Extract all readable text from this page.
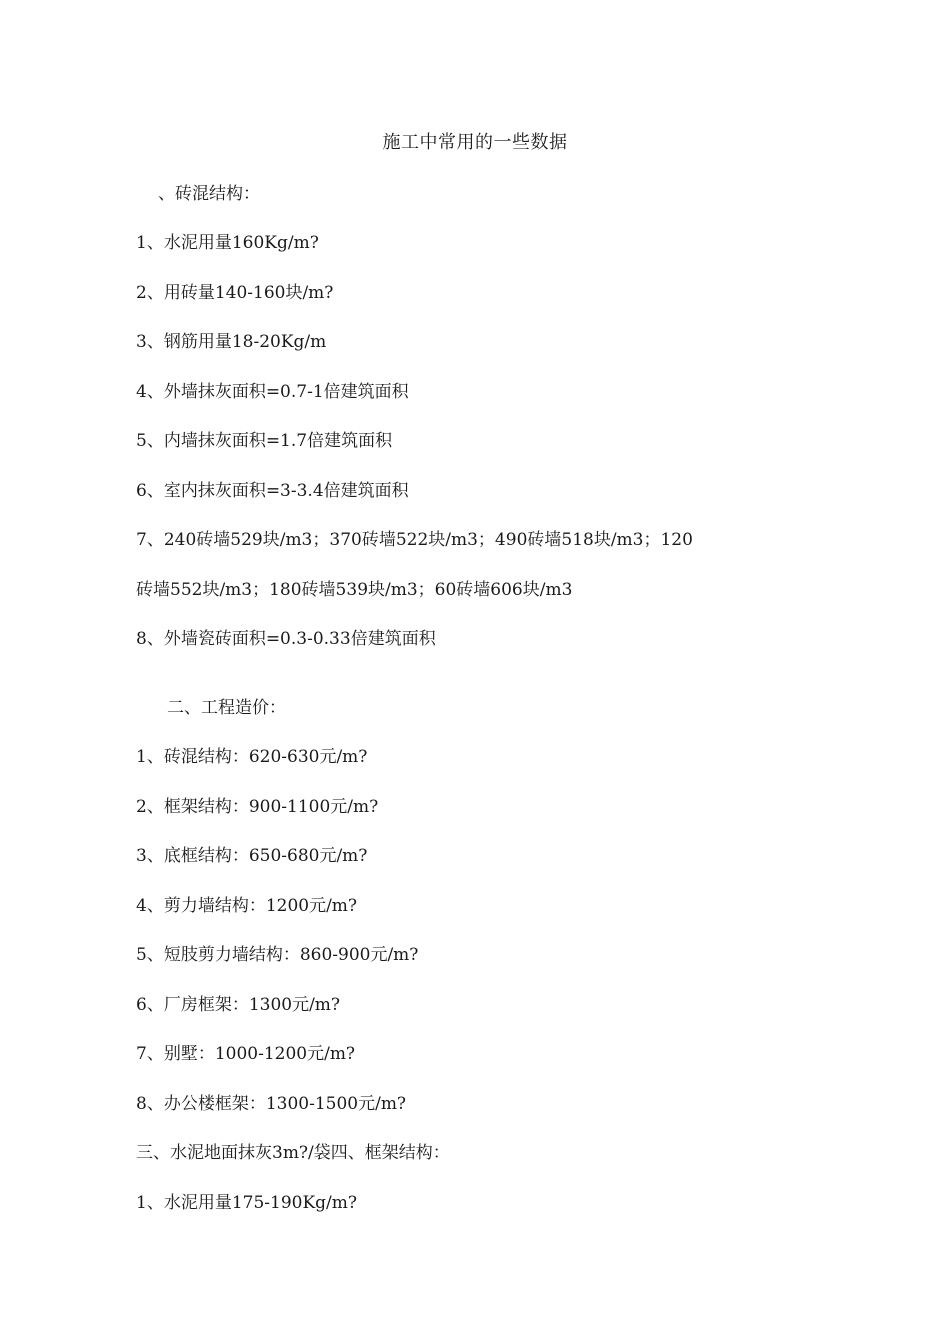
施工中常用的一些数据
、砖混结构：
1、水泥用量160Kg/m?
2、用砖量140-160块/m?
3、钢筋用量18-20Kg/m
4、外墙抹灰面积=0.7-1倍建筑面积
5、内墙抹灰面积=1.7倍建筑面积
6、室内抹灰面积=3-3.4倍建筑面积
7、240砖墙529块/m3；370砖墙522块/m3；490砖墙518块/m3；120
砖墙552块/m3；180砖墙539块/m3；60砖墙606块/m3
8、外墙瓷砖面积=0.3-0.33倍建筑面积
二、工程造价：
1、砖混结构：620-630元/m?
2、框架结构：900-1100元/m?
3、底框结构：650-680元/m?
4、剪力墙结构：1200元/m?
5、短肢剪力墙结构：860-900元/m?
6、厂房框架：1300元/m?
7、别墅：1000-1200元/m?
8、办公楼框架：1300-1500元/m?
三、水泥地面抹灰3m?/袋四、框架结构：
1、水泥用量175-190Kg/m?
